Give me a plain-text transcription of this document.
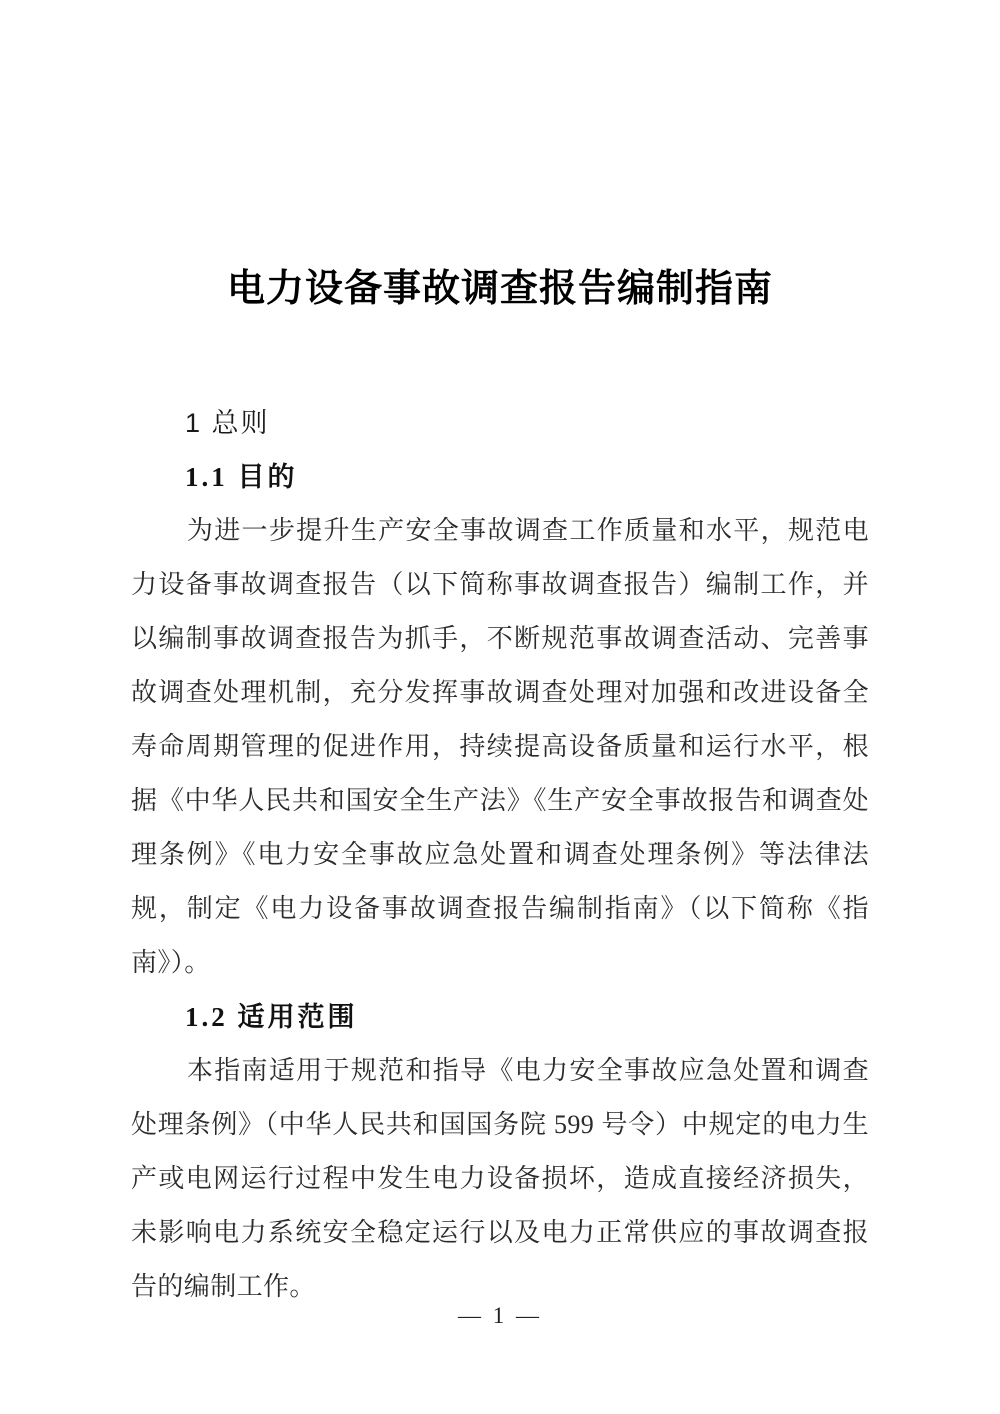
电力设备事故调查报告编制指南
1 总则
1.1 目的

为进一步提升生产安全事故调查工作质量和水平，规范电力设备事故调查报告（以下简称事故调查报告）编制工作，并以编制事故调查报告为抓手，不断规范事故调查活动、完善事故调查处理机制，充分发挥事故调查处理对加强和改进设备全寿命周期管理的促进作用，持续提高设备质量和运行水平，根据《中华人民共和国安全生产法》《生产安全事故报告和调查处理条例》《电力安全事故应急处置和调查处理条例》等法律法规，制定《电力设备事故调查报告编制指南》（以下简称《指南》）。

1.2 适用范围

本指南适用于规范和指导《电力安全事故应急处置和调查处理条例》（中华人民共和国国务院 599 号令）中规定的电力生产或电网运行过程中发生电力设备损坏，造成直接经济损失，未影响电力系统安全稳定运行以及电力正常供应的事故调查报告的编制工作。

— 1 —
